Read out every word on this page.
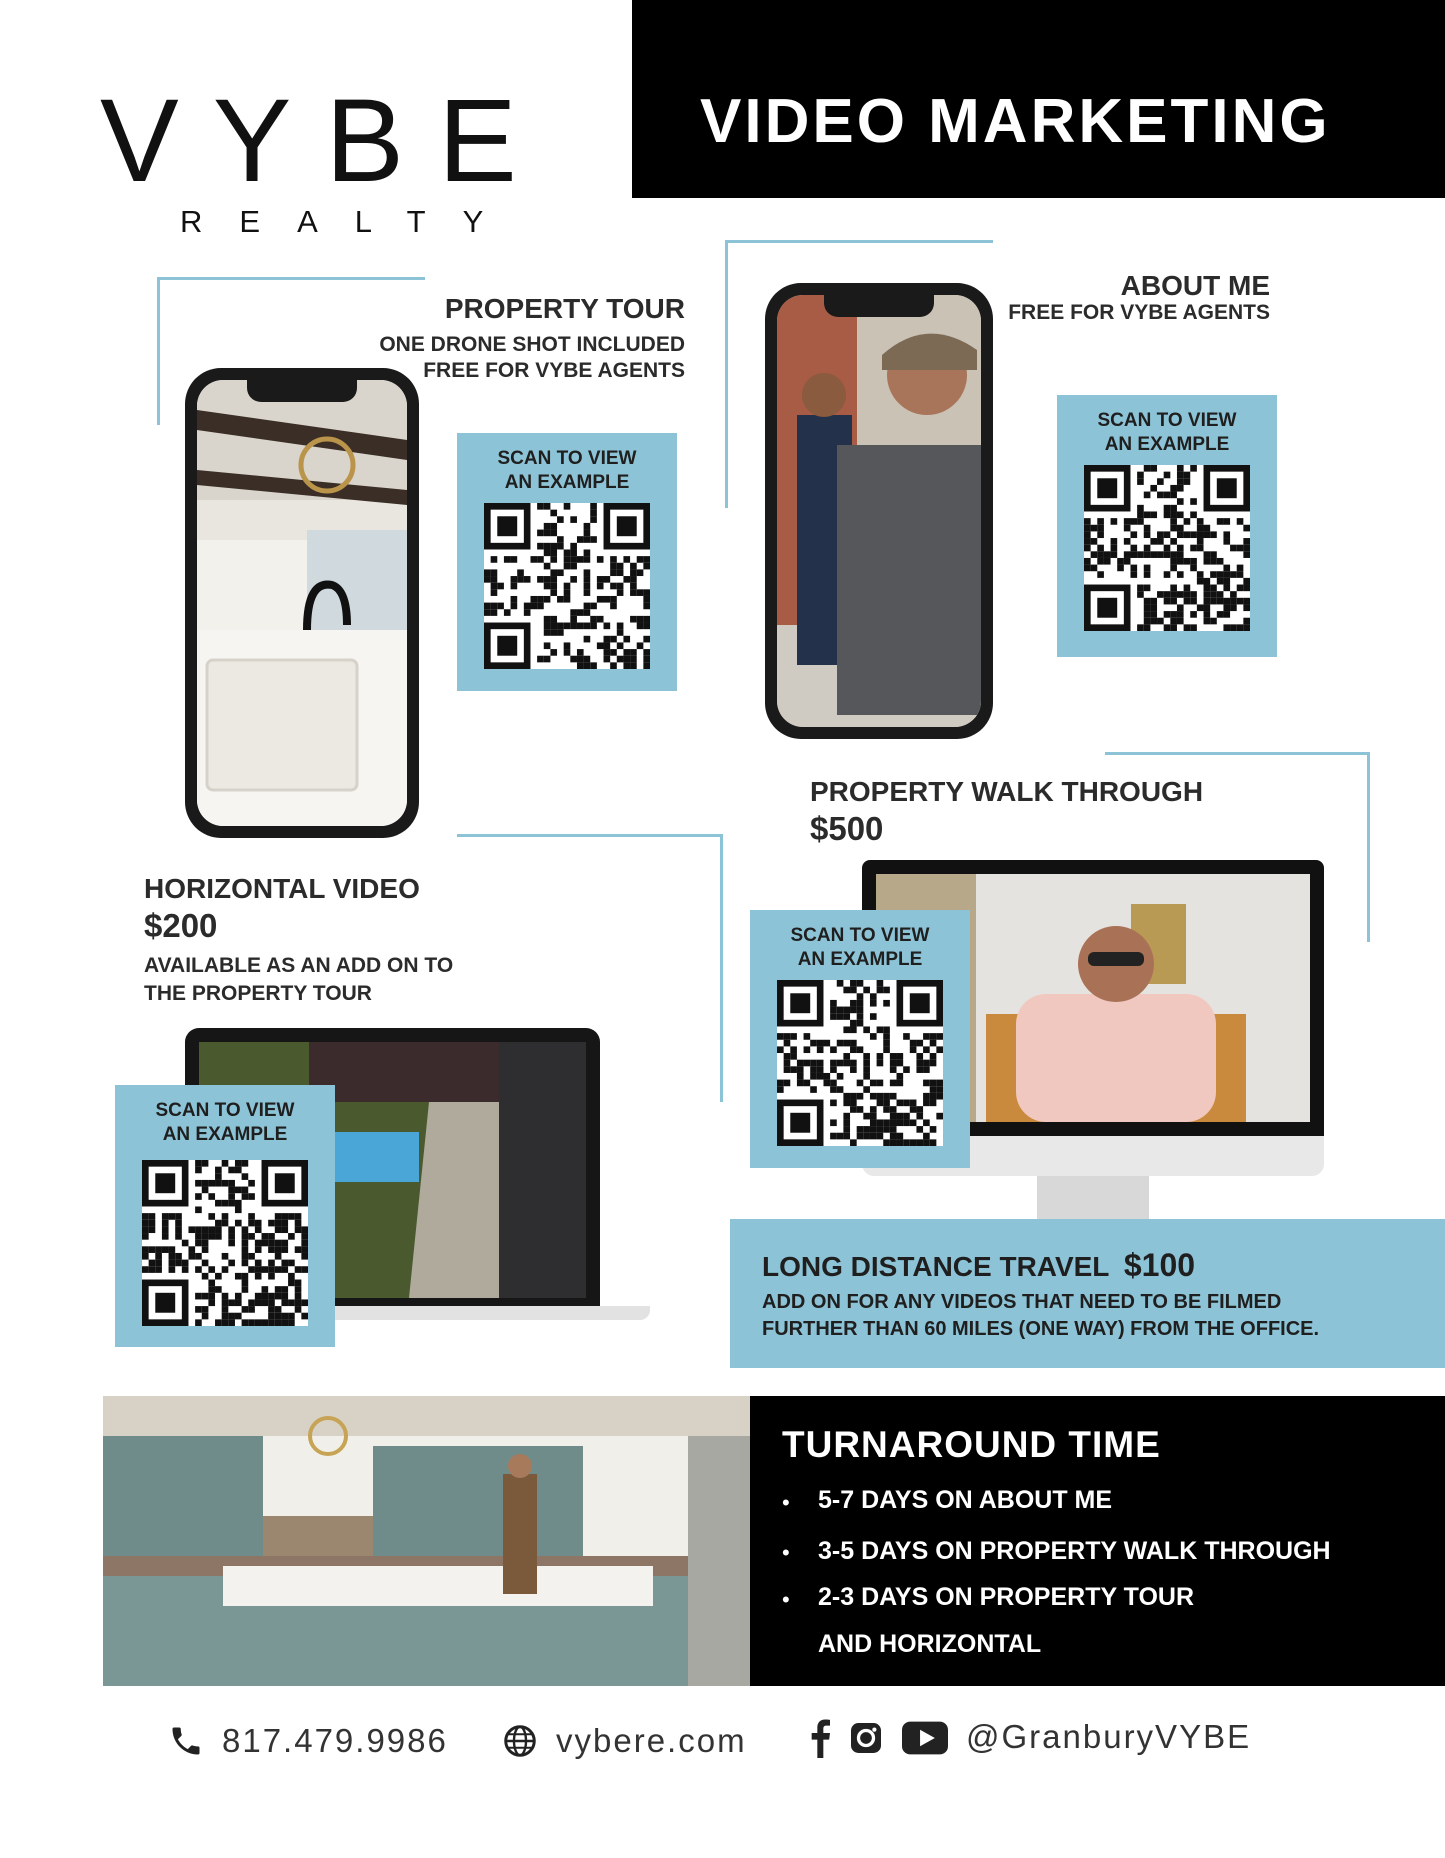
VYBE
REALTY
VIDEO MARKETING
PROPERTY TOUR
ONE DRONE SHOT INCLUDED
FREE FOR VYBE AGENTS
SCAN TO VIEW
AN EXAMPLE
ABOUT ME
FREE FOR VYBE AGENTS
SCAN TO VIEW
AN EXAMPLE
PROPERTY WALK THROUGH
$500
SCAN TO VIEW
AN EXAMPLE
HORIZONTAL VIDEO
$200
AVAILABLE AS AN ADD ON TO
THE PROPERTY TOUR
SCAN TO VIEW
AN EXAMPLE
LONG DISTANCE TRAVEL $100
ADD ON FOR ANY VIDEOS THAT NEED TO BE FILMED
FURTHER THAN 60 MILES (ONE WAY) FROM THE OFFICE.
TURNAROUND TIME
• 5-7 DAYS ON ABOUT ME
• 3-5 DAYS ON PROPERTY WALK THROUGH
• 2-3 DAYS ON PROPERTY TOUR
AND HORIZONTAL
817.479.9986	vybere.com	@GranburyVYBE
